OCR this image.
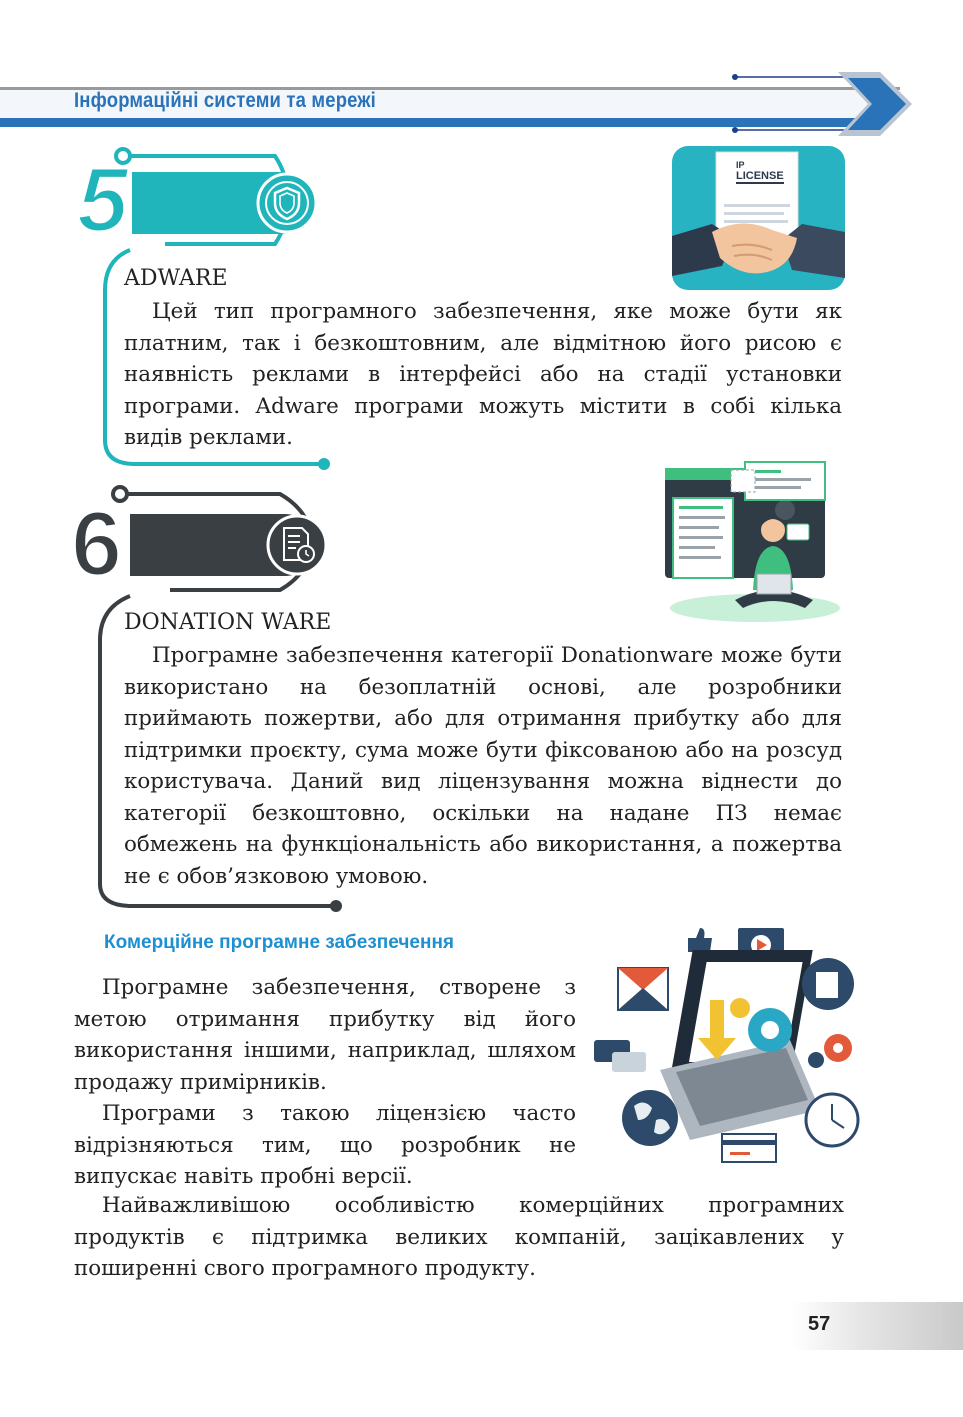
Інформаційні системи та мережі
5	IP
LICENSE
ADWARE

Цей тип програмного забезпечення, яке може бути як платним, так і безкоштовним, але відмітною його рисою є наявність реклами в інтерфейсі або на стадії установки програми. Adware програми можуть містити в собі кілька видів реклами.

6
DONATION WARE

Програмне забезпечення категорії Donationware може бути використано на безоплатній основі, але розробники приймають пожертви, або для отримання прибутку або для підтримки проєкту, сума може бути фіксованою або на розсуд користувача. Даний вид ліцензування можна віднести до категорії безкоштовно, оскільки на надане ПЗ немає обмежень на функціональність або використання, а пожертва не є обов’язковою умовою.

Комерційне програмне забезпечення

Програмне забезпечення, створене з метою отримання прибутку від його використання іншими, наприклад, шляхом продажу примірників.

Програми з такою ліцензією часто відрізняються тим, що розробник не випускає навіть пробні версії.

Найважливішою особливістю комерційних програмних продуктів є підтримка великих компаній, зацікавлених у поширенні свого програмного продукту.

57
